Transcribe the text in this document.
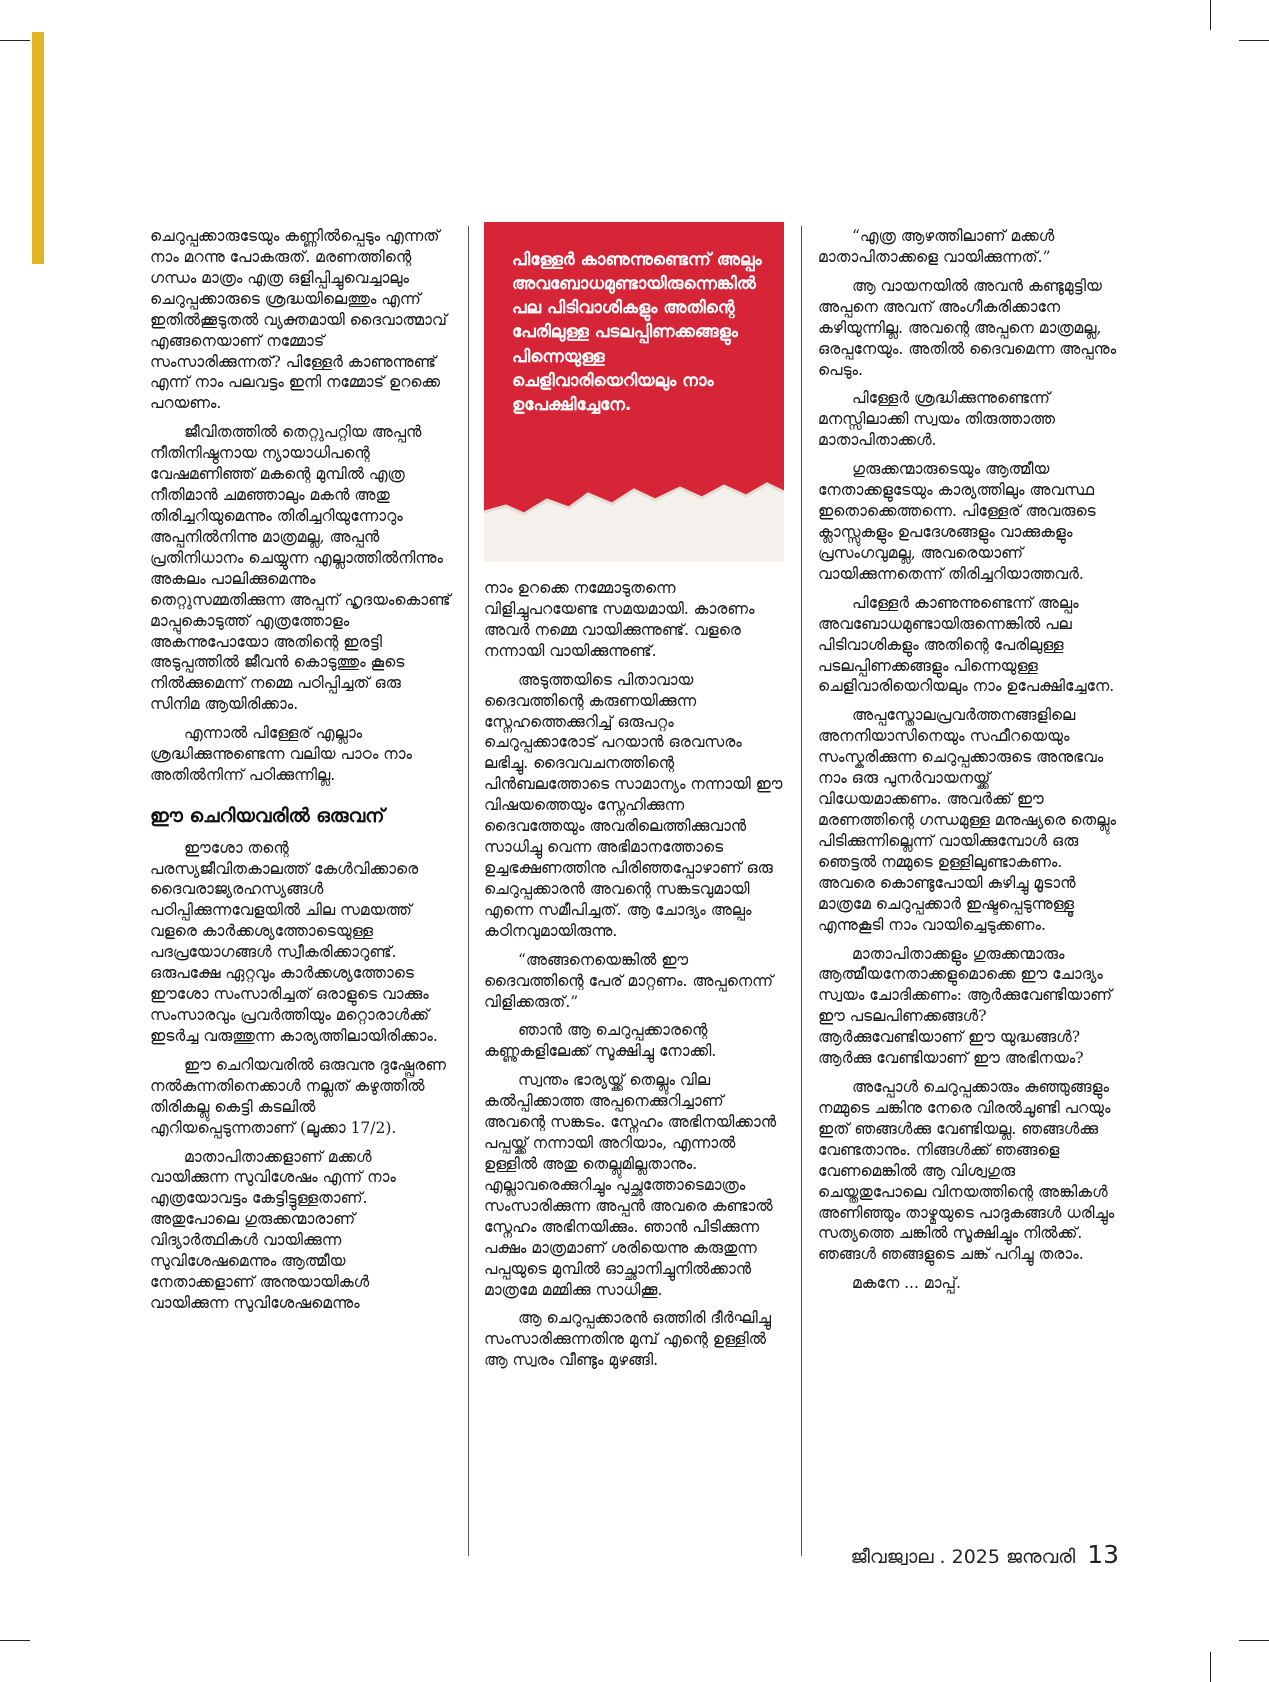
ചെറുപ്പക്കാരുടേയും കണ്ണിൽപ്പെടും എന്നത് നാം മറന്നു പോകരുത്. മരണത്തിന്റെ ഗന്ധം മാത്രം എത്ര ഒളിപ്പിച്ചുവെച്ചാലും ചെറുപ്പക്കാരുടെ ശ്രദ്ധയിലെത്തും എന്ന് ഇതിൽക്കൂടുതൽ വ്യക്തമായി ദൈവാത്മാവ് എങ്ങനെയാണ് നമ്മോട് സംസാരിക്കുന്നത്? പിള്ളേർ കാണുന്നുണ്ട് എന്ന് നാം പലവട്ടം ഇനി നമ്മോട് ഉറക്കെ പറയണം.

ജീവിതത്തിൽ തെറ്റുപറ്റിയ അപ്പൻ നീതിനിഷ്ഠനായ ന്യായാധിപന്റെ വേഷമണിഞ്ഞ് മകന്റെ മുമ്പിൽ എത്ര നീതിമാൻ ചമഞ്ഞാലും മകൻ അതു തിരിച്ചറിയുമെന്നും തിരിച്ചറിയുന്നോറും അപ്പനിൽനിന്നു മാത്രമല്ല, അപ്പൻ പ്രതിനിധാനം ചെയ്യുന്ന എല്ലാത്തിൽനിന്നും അകലം പാലിക്കുമെന്നും തെറ്റുസമ്മതിക്കുന്ന അപ്പന് ഹൃദയംകൊണ്ട് മാപ്പുകൊടുത്ത് എത്രത്തോളം അകന്നുപോയോ അതിന്റെ ഇരട്ടി അടുപ്പത്തിൽ ജീവൻ കൊടുത്തും കൂടെ നിൽക്കുമെന്ന് നമ്മെ പഠിപ്പിച്ചത് ഒരു സിനിമ ആയിരിക്കാം.

എന്നാൽ പിള്ളേര് എല്ലാം ശ്രദ്ധിക്കുന്നുണ്ടെന്ന വലിയ പാഠം നാം അതിൽനിന്ന് പഠിക്കുന്നില്ല.

ഈ ചെറിയവരിൽ ഒരുവന്

ഈശോ തന്റെ പരസ്യജീവിതകാലത്ത് കേൾവിക്കാരെ ദൈവരാജ്യരഹസ്യങ്ങൾ പഠിപ്പിക്കുന്നവേളയിൽ ചില സമയത്ത് വളരെ കാർക്കശ്യത്തോടെയുള്ള പദപ്രയോഗങ്ങൾ സ്വീകരിക്കാറുണ്ട്. ഒരുപക്ഷേ ഏറ്റവും കാർക്കശ്യത്തോടെ ഈശോ സംസാരിച്ചത് ഒരാളുടെ വാക്കും സംസാരവും പ്രവർത്തിയും മറ്റൊരാൾക്ക് ഇടർച്ച വരുത്തുന്ന കാര്യത്തിലായിരിക്കാം.

ഈ ചെറിയവരിൽ ഒരുവനു ദുഷ്പ്രേരണ നൽകുന്നതിനെക്കാൾ നല്ലത് കഴുത്തിൽ തിരികല്ലു കെട്ടി കടലിൽ എറിയപ്പെടുന്നതാണ് (ലൂക്കാ 17/2).

മാതാപിതാക്കളാണ് മക്കൾ വായിക്കുന്ന സുവിശേഷം എന്ന് നാം എത്രയോവട്ടം കേട്ടിട്ടുള്ളതാണ്. അതുപോലെ ഗുരുക്കന്മാരാണ് വിദ്യാർത്ഥികൾ വായിക്കുന്ന സുവിശേഷമെന്നും ആത്മീയ നേതാക്കളാണ് അനുയായികൾ വായിക്കുന്ന സുവിശേഷമെന്നും

പിള്ളേർ കാണുന്നുണ്ടെന്ന് അല്പം അവബോധമുണ്ടായിരുന്നെങ്കിൽ പല പിടിവാശികളും അതിന്റെ പേരിലുള്ള പടലപ്പിണക്കങ്ങളും പിന്നെയുള്ള ചെളിവാരിയെറിയലും നാം ഉപേക്ഷിച്ചേനേ.

നാം ഉറക്കെ നമ്മോടുതന്നെ വിളിച്ചുപറയേണ്ട സമയമായി. കാരണം അവർ നമ്മെ വായിക്കുന്നുണ്ട്. വളരെ നന്നായി വായിക്കുന്നുണ്ട്.

അടുത്തയിടെ പിതാവായ ദൈവത്തിന്റെ കരുണയിക്കുന്ന സ്നേഹത്തെക്കുറിച്ച് ഒരുപറ്റം ചെറുപ്പക്കാരോട് പറയാൻ ഒരവസരം ലഭിച്ചു. ദൈവവചനത്തിന്റെ പിൻബലത്തോടെ സാമാന്യം നന്നായി ഈ വിഷയത്തെയും സ്നേഹിക്കുന്ന ദൈവത്തേയും അവരിലെത്തിക്കുവാൻ സാധിച്ചു വെന്ന അഭിമാനത്തോടെ ഉച്ചഭക്ഷണത്തിനു പിരിഞ്ഞപ്പോഴാണ് ഒരു ചെറുപ്പക്കാരൻ അവന്റെ സങ്കടവുമായി എന്നെ സമീപിച്ചത്. ആ ചോദ്യം അല്പം കഠിനവുമായിരുന്നു.

“അങ്ങനെയെങ്കിൽ ഈ ദൈവത്തിന്റെ പേര് മാറ്റണം. അപ്പനെന്ന് വിളിക്കരുത്.”

ഞാൻ ആ ചെറുപ്പക്കാരന്റെ കണ്ണുകളിലേക്ക് സൂക്ഷിച്ചു നോക്കി.

സ്വന്തം ഭാര്യയ്ക്ക് തെല്ലും വില കൽപ്പിക്കാത്ത അപ്പനെക്കുറിച്ചാണ് അവന്റെ സങ്കടം. സ്നേഹം അഭിനയിക്കാൻ പപ്പയ്ക്ക് നന്നായി അറിയാം, എന്നാൽ ഉള്ളിൽ അതു തെല്ലുമില്ലതാനും. എല്ലാവരെക്കുറിച്ചും പുച്ഛത്തോടെമാത്രം സംസാരിക്കുന്ന അപ്പൻ അവരെ കണ്ടാൽ സ്നേഹം അഭിനയിക്കും. ഞാൻ പിടിക്കുന്ന പക്ഷം മാത്രമാണ് ശരിയെന്നു കരുതുന്ന പപ്പയുടെ മുമ്പിൽ ഓച്ഛാനിച്ചുനിൽക്കാൻ മാത്രമേ മമ്മിക്കു സാധിക്കൂ.

ആ ചെറുപ്പക്കാരൻ ഒത്തിരി ദീർഘിച്ചു സംസാരിക്കുന്നതിനു മുമ്പ് എന്റെ ഉള്ളിൽ ആ സ്വരം വീണ്ടും മുഴങ്ങി.

“എത്ര ആഴത്തിലാണ് മക്കൾ മാതാപിതാക്കളെ വായിക്കുന്നത്.”

ആ വായനയിൽ അവൻ കണ്ടുമുട്ടിയ അപ്പനെ അവന് അംഗീകരിക്കാനേ കഴിയുന്നില്ല. അവന്റെ അപ്പനെ മാത്രമല്ല, ഒരപ്പനേയും. അതിൽ ദൈവമെന്ന അപ്പനും പെടും.

പിള്ളേർ ശ്രദ്ധിക്കുന്നുണ്ടെന്ന് മനസ്സിലാക്കി സ്വയം തിരുത്താത്ത മാതാപിതാക്കൾ.

ഗുരുക്കന്മാരുടെയും ആത്മീയ നേതാക്കളുടേയും കാര്യത്തിലും അവസ്ഥ ഇതൊക്കെത്തന്നെ. പിള്ളേര് അവരുടെ ക്ലാസ്സുകളും ഉപദേശങ്ങളും വാക്കുകളും പ്രസംഗവുമല്ല, അവരെയാണ് വായിക്കുന്നതെന്ന് തിരിച്ചറിയാത്തവർ.

പിള്ളേർ കാണുന്നുണ്ടെന്ന് അല്പം അവബോധമുണ്ടായിരുന്നെങ്കിൽ പല പിടിവാശികളും അതിന്റെ പേരിലുള്ള പടലപ്പിണക്കങ്ങളും പിന്നെയുള്ള ചെളിവാരിയെറിയലും നാം ഉപേക്ഷിച്ചേനേ.

അപ്പസ്തോലപ്രവർത്തനങ്ങളിലെ അനനിയാസിനെയും സഫീറയെയും സംസ്കരിക്കുന്ന ചെറുപ്പക്കാരുടെ അനുഭവം നാം ഒരു പുനർവായനയ്ക്ക് വിധേയമാക്കണം. അവർക്ക് ഈ മരണത്തിന്റെ ഗന്ധമുള്ള മനുഷ്യരെ തെല്ലും പിടിക്കുന്നില്ലെന്ന് വായിക്കുമ്പോൾ ഒരു ഞെട്ടൽ നമ്മുടെ ഉള്ളിലുണ്ടാകണം. അവരെ കൊണ്ടുപോയി കുഴിച്ചു മൂടാൻ മാത്രമേ ചെറുപ്പക്കാർ ഇഷ്ടപ്പെടുന്നുള്ളൂ എന്നുകൂടി നാം വായിച്ചെടുക്കണം.

മാതാപിതാക്കളും ഗുരുക്കന്മാരും ആത്മീയനേതാക്കളുമൊക്കെ ഈ ചോദ്യം സ്വയം ചോദിക്കണം: ആർക്കുവേണ്ടിയാണ് ഈ പടലപിണക്കങ്ങൾ? ആർക്കുവേണ്ടിയാണ് ഈ യുദ്ധങ്ങൾ? ആർക്കു വേണ്ടിയാണ് ഈ അഭിനയം?

അപ്പോൾ ചെറുപ്പക്കാരും കുഞ്ഞുങ്ങളും നമ്മുടെ ചങ്കിനു നേരെ വിരൽചൂണ്ടി പറയും ഇത് ഞങ്ങൾക്കു വേണ്ടിയല്ല. ഞങ്ങൾക്കു വേണ്ടതാനും. നിങ്ങൾക്ക് ഞങ്ങളെ വേണമെങ്കിൽ ആ വിശ്വഗുരു ചെയ്തതുപോലെ വിനയത്തിന്റെ അങ്കികൾ അണിഞ്ഞും താഴ്മയുടെ പാദുകങ്ങൾ ധരിച്ചും സത്യത്തെ ചങ്കിൽ സൂക്ഷിച്ചും നിൽക്ക്. ഞങ്ങൾ ഞങ്ങളുടെ ചങ്ക് പറിച്ചു തരാം.

മകനേ ... മാപ്പ്.

ജീവജ്വാല . 2025 ജനുവരി 13
